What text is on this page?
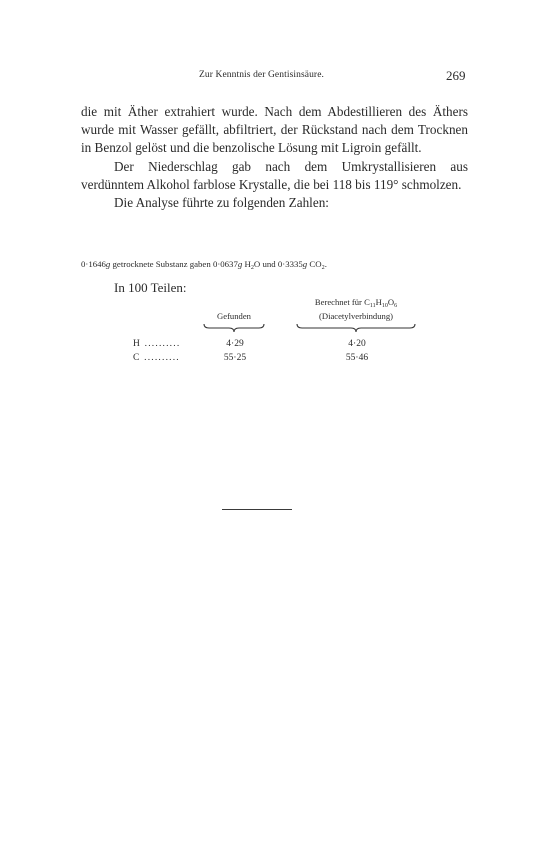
Zur Kenntnis der Gentisinsäure.	269

die mit Äther extrahiert wurde. Nach dem Abdestillieren des Äthers wurde mit Wasser gefällt, abfiltriert, der Rückstand nach dem Trocknen in Benzol gelöst und die benzolische Lösung mit Ligroin gefällt.

Der Niederschlag gab nach dem Umkrystallisieren aus verdünntem Alkohol farblose Krystalle, die bei 118 bis 119° schmolzen.

Die Analyse führte zu folgenden Zahlen:

0·1646g getrocknete Substanz gaben 0·0637g $H_2O$ und 0·3335g $CO_2$.
In 100 Teilen:
Gefunden
Berechnet für $C_{11}H_{10}O_6$
(Diacetylverbindung)
H ..........	4·29	4·20
C ..........	55·25	55·46
